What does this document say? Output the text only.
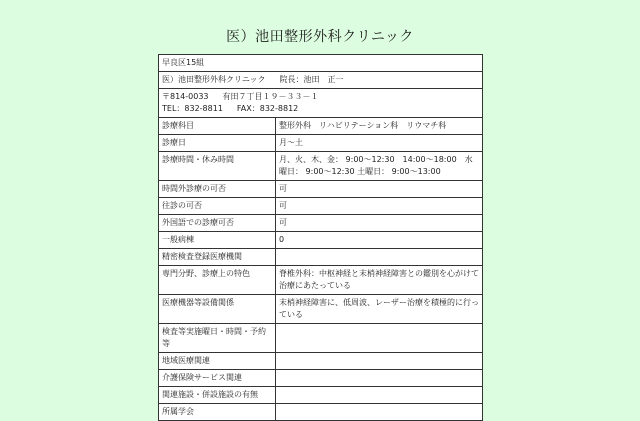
医）池田整形外科クリニック
早良区15組	
医）池田整形外科クリニック 院長：池田　正一	
〒814-0033 有田７丁目１９－３３－１
TEL：832-8811 FAX：832-8812	
診療科目	整形外科　リハビリテーション科　リウマチ科
診療日	月～土
診療時間・休み時間	月、火、木、金： 9:00～12:30　14:00～18:00　水曜日： 9:00～12:30 土曜日： 9:00～13:00
時間外診療の可否	可
往診の可否	可
外国語での診療可否	可
一般病棟	0
精密検査登録医療機関	
専門分野、診療上の特色	脊椎外科：中枢神経と末梢神経障害との鑑別を心がけて治療にあたっている
医療機器等設備関係	末梢神経障害に、低周波、レーザー治療を積極的に行っている
検査等実施曜日・時間・予約等	
地域医療関連	
介護保険サービス関連	
関連施設・併設施設の有無	
所属学会	
